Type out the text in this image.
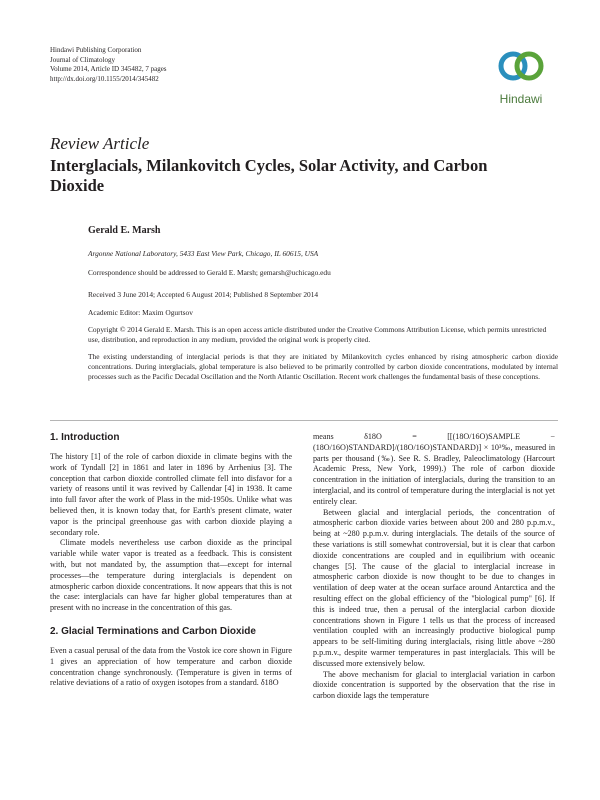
Hindawi Publishing Corporation
Journal of Climatology
Volume 2014, Article ID 345482, 7 pages
http://dx.doi.org/10.1155/2014/345482
Hindawi
Review Article
Interglacials, Milankovitch Cycles, Solar Activity, and Carbon Dioxide
Gerald E. Marsh
Argonne National Laboratory, 5433 East View Park, Chicago, IL 60615, USA
Correspondence should be addressed to Gerald E. Marsh; gemarsh@uchicago.edu
Received 3 June 2014; Accepted 6 August 2014; Published 8 September 2014
Academic Editor: Maxim Ogurtsov
Copyright © 2014 Gerald E. Marsh. This is an open access article distributed under the Creative Commons Attribution License, which permits unrestricted use, distribution, and reproduction in any medium, provided the original work is properly cited.
The existing understanding of interglacial periods is that they are initiated by Milankovitch cycles enhanced by rising atmospheric carbon dioxide concentrations. During interglacials, global temperature is also believed to be primarily controlled by carbon dioxide concentrations, modulated by internal processes such as the Pacific Decadal Oscillation and the North Atlantic Oscillation. Recent work challenges the fundamental basis of these conceptions.
1. Introduction

The history [1] of the role of carbon dioxide in climate begins with the work of Tyndall [2] in 1861 and later in 1896 by Arrhenius [3]. The conception that carbon dioxide controlled climate fell into disfavor for a variety of reasons until it was revived by Callendar [4] in 1938. It came into full favor after the work of Plass in the mid-1950s. Unlike what was believed then, it is known today that, for Earth's present climate, water vapor is the principal greenhouse gas with carbon dioxide playing a secondary role.

Climate models nevertheless use carbon dioxide as the principal variable while water vapor is treated as a feedback. This is consistent with, but not mandated by, the assumption that—except for internal processes—the temperature during interglacials is dependent on atmospheric carbon dioxide concentrations. It now appears that this is not the case: interglacials can have far higher global temperatures than at present with no increase in the concentration of this gas.

2. Glacial Terminations and Carbon Dioxide

Even a casual perusal of the data from the Vostok ice core shown in Figure 1 gives an appreciation of how temperature and carbon dioxide concentration change synchronously. (Temperature is given in terms of relative deviations of a ratio of oxygen isotopes from a standard. δ18O

means δ18O = [[(18O/16O)SAMPLE − (18O/16O)STANDARD]/(18O/16O)STANDARD)] × 10³‰, measured in parts per thousand (‰). See R. S. Bradley, Paleoclimatology (Harcourt Academic Press, New York, 1999).) The role of carbon dioxide concentration in the initiation of interglacials, during the transition to an interglacial, and its control of temperature during the interglacial is not yet entirely clear.

Between glacial and interglacial periods, the concentration of atmospheric carbon dioxide varies between about 200 and 280 p.p.m.v., being at ~280 p.p.m.v. during interglacials. The details of the source of these variations is still somewhat controversial, but it is clear that carbon dioxide concentrations are coupled and in equilibrium with oceanic changes [5]. The cause of the glacial to interglacial increase in atmospheric carbon dioxide is now thought to be due to changes in ventilation of deep water at the ocean surface around Antarctica and the resulting effect on the global efficiency of the "biological pump" [6]. If this is indeed true, then a perusal of the interglacial carbon dioxide concentrations shown in Figure 1 tells us that the process of increased ventilation coupled with an increasingly productive biological pump appears to be self-limiting during interglacials, rising little above ~280 p.p.m.v., despite warmer temperatures in past interglacials. This will be discussed more extensively below.

The above mechanism for glacial to interglacial variation in carbon dioxide concentration is supported by the observation that the rise in carbon dioxide lags the temperature
